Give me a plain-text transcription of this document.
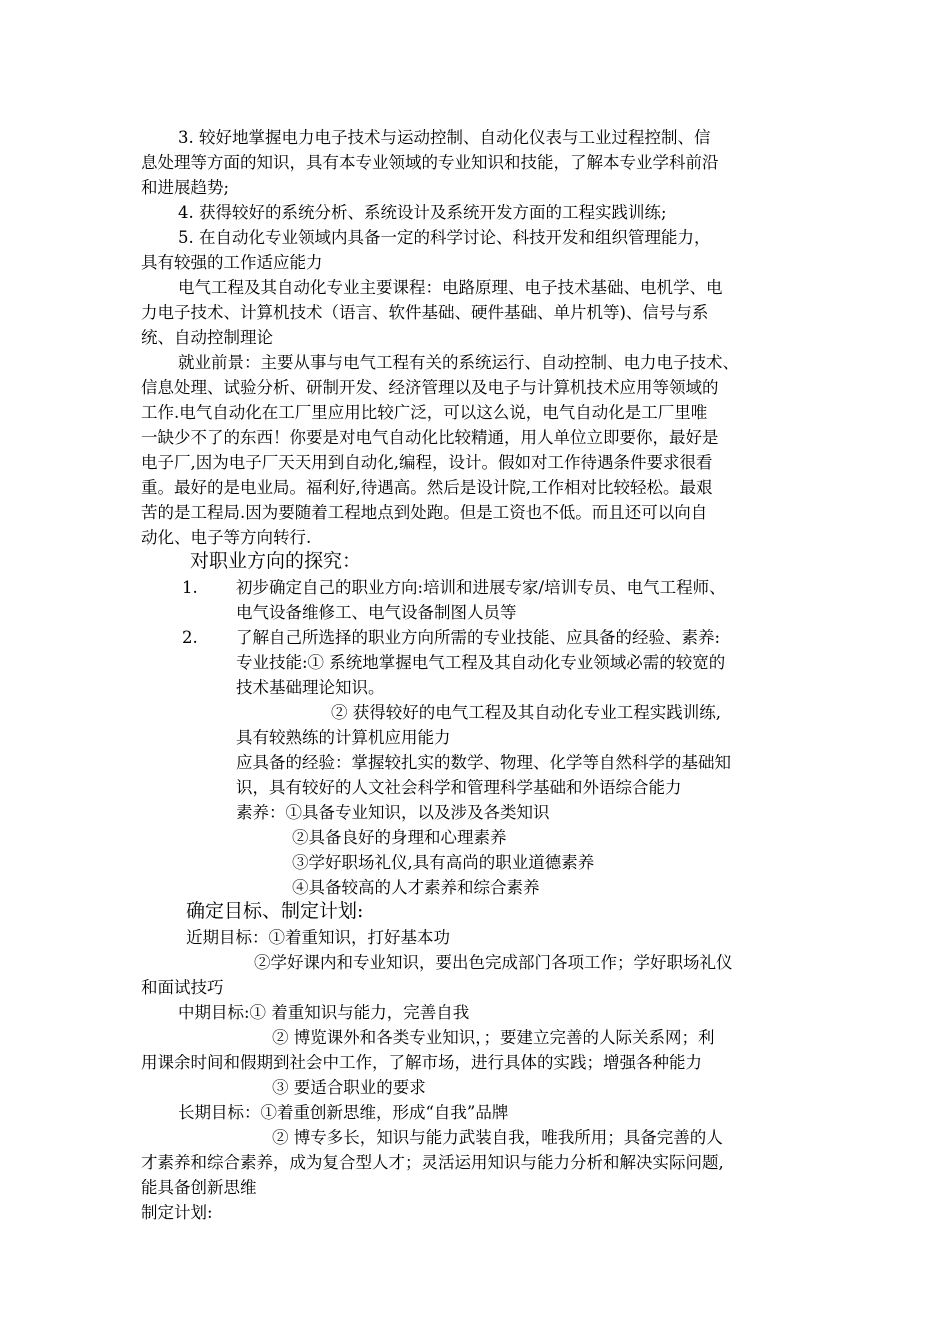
3. 较好地掌握电力电子技术与运动控制、自动化仪表与工业过程控制、信
息处理等方面的知识，具有本专业领域的专业知识和技能，了解本专业学科前沿
和进展趋势;
4. 获得较好的系统分析、系统设计及系统开发方面的工程实践训练;
5. 在自动化专业领域内具备一定的科学讨论、科技开发和组织管理能力，
具有较强的工作适应能力
电气工程及其自动化专业主要课程：电路原理、电子技术基础、电机学、电
力电子技术、计算机技术（语言、软件基础、硬件基础、单片机等)、信号与系
统、自动控制理论
就业前景：主要从事与电气工程有关的系统运行、自动控制、电力电子技术、
信息处理、试验分析、研制开发、经济管理以及电子与计算机技术应用等领域的
工作.电气自动化在工厂里应用比较广泛，可以这么说，电气自动化是工厂里唯
一缺少不了的东西！你要是对电气自动化比较精通，用人单位立即要你，最好是
电子厂,因为电子厂天天用到自动化,编程，设计。假如对工作待遇条件要求很看
重。最好的是电业局。福利好,待遇高。然后是设计院,工作相对比较轻松。最艰
苦的是工程局.因为要随着工程地点到处跑。但是工资也不低。而且还可以向自
动化、电子等方向转行.
对职业方向的探究：
1. 初步确定自己的职业方向:培训和进展专家/培训专员、电气工程师、
电气设备维修工、电气设备制图人员等
2. 了解自己所选择的职业方向所需的专业技能、应具备的经验、素养:
专业技能:① 系统地掌握电气工程及其自动化专业领域必需的较宽的
技术基础理论知识。
② 获得较好的电气工程及其自动化专业工程实践训练,
具有较熟练的计算机应用能力
应具备的经验：掌握较扎实的数学、物理、化学等自然科学的基础知
识，具有较好的人文社会科学和管理科学基础和外语综合能力
素养：①具备专业知识，以及涉及各类知识
②具备良好的身理和心理素养
③学好职场礼仪,具有高尚的职业道德素养
④具备较高的人才素养和综合素养
确定目标、制定计划:
近期目标：①着重知识，打好基本功
②学好课内和专业知识，要出色完成部门各项工作；学好职场礼仪
和面试技巧
中期目标:① 着重知识与能力，完善自我
② 博览课外和各类专业知识，；要建立完善的人际关系网；利
用课余时间和假期到社会中工作，了解市场，进行具体的实践；增强各种能力
③ 要适合职业的要求
长期目标：①着重创新思维，形成“自我”品牌
② 博专多长，知识与能力武装自我，唯我所用；具备完善的人
才素养和综合素养，成为复合型人才；灵活运用知识与能力分析和解决实际问题,
能具备创新思维
制定计划:
